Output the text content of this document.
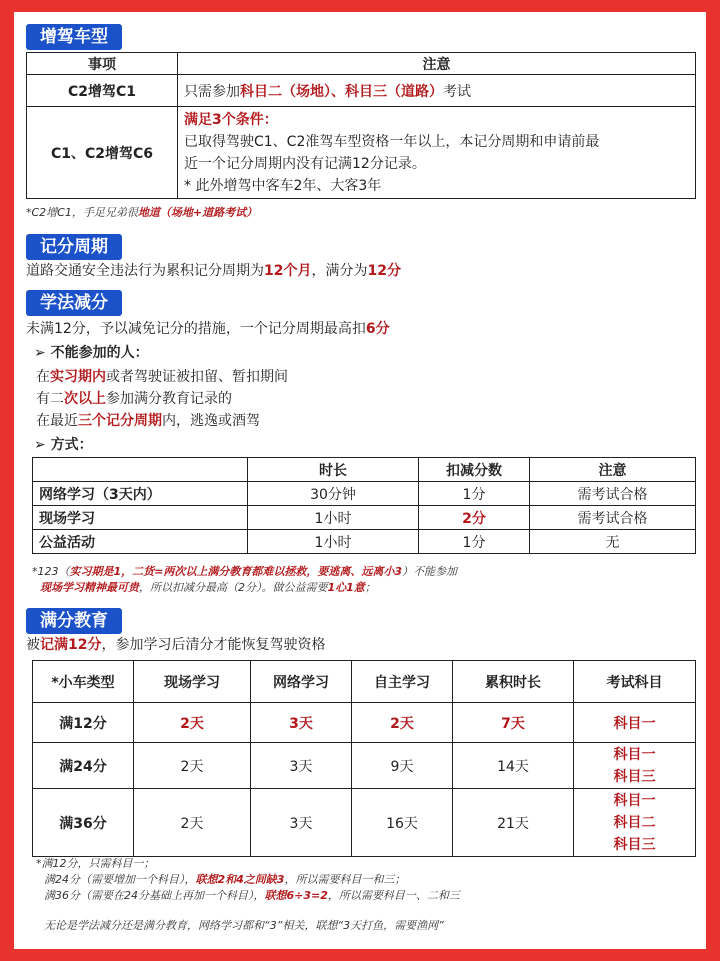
增驾车型
事项	注意
C2增驾C1	只需参加科目二（场地）、科目三（道路）考试
C1、C2增驾C6	满足3个条件：
已取得驾驶C1、C2准驾车型资格一年以上，本记分周期和申请前最
近一个记分周期内没有记满12分记录。
* 此外增驾中客车2年、大客3年
*C2增C1，手足兄弟很地道（场地+道路考试）
记分周期
道路交通安全违法行为累积记分周期为12个月，满分为12分
学法减分
未满12分，予以减免记分的措施，一个记分周期最高扣6分
➢ 不能参加的人：
在实习期内或者驾驶证被扣留、暂扣期间
有二次以上参加满分教育记录的
在最近三个记分周期内，逃逸或酒驾
➢ 方式：
	时长	扣减分数	注意
网络学习（3天内）	30分钟	1分	需考试合格
现场学习	1小时	2分	需考试合格
公益活动	1小时	1分	无
*123（实习期是1，二货=两次以上满分教育都难以拯救，要逃离、远离小3）不能参加
现场学习精神最可贵，所以扣减分最高（2分）。做公益需要1心1意；
满分教育
被记满12分，参加学习后清分才能恢复驾驶资格
*小车类型	现场学习	网络学习	自主学习	累积时长	考试科目
满12分	2天	3天	2天	7天	科目一
满24分	2天	3天	9天	14天	科目一
科目三

满36分	2天	3天	16天	21天	科目一
科目二
科目三
*满12分，只需科目一；
满24分（需要增加一个科目），联想2和4之间缺3，所以需要科目一和三；
满36分（需要在24分基础上再加一个科目），联想6÷3=2，所以需要科目一、二和三
无论是学法减分还是满分教育，网络学习都和“3”相关，联想“3天打鱼，需要渔网”
